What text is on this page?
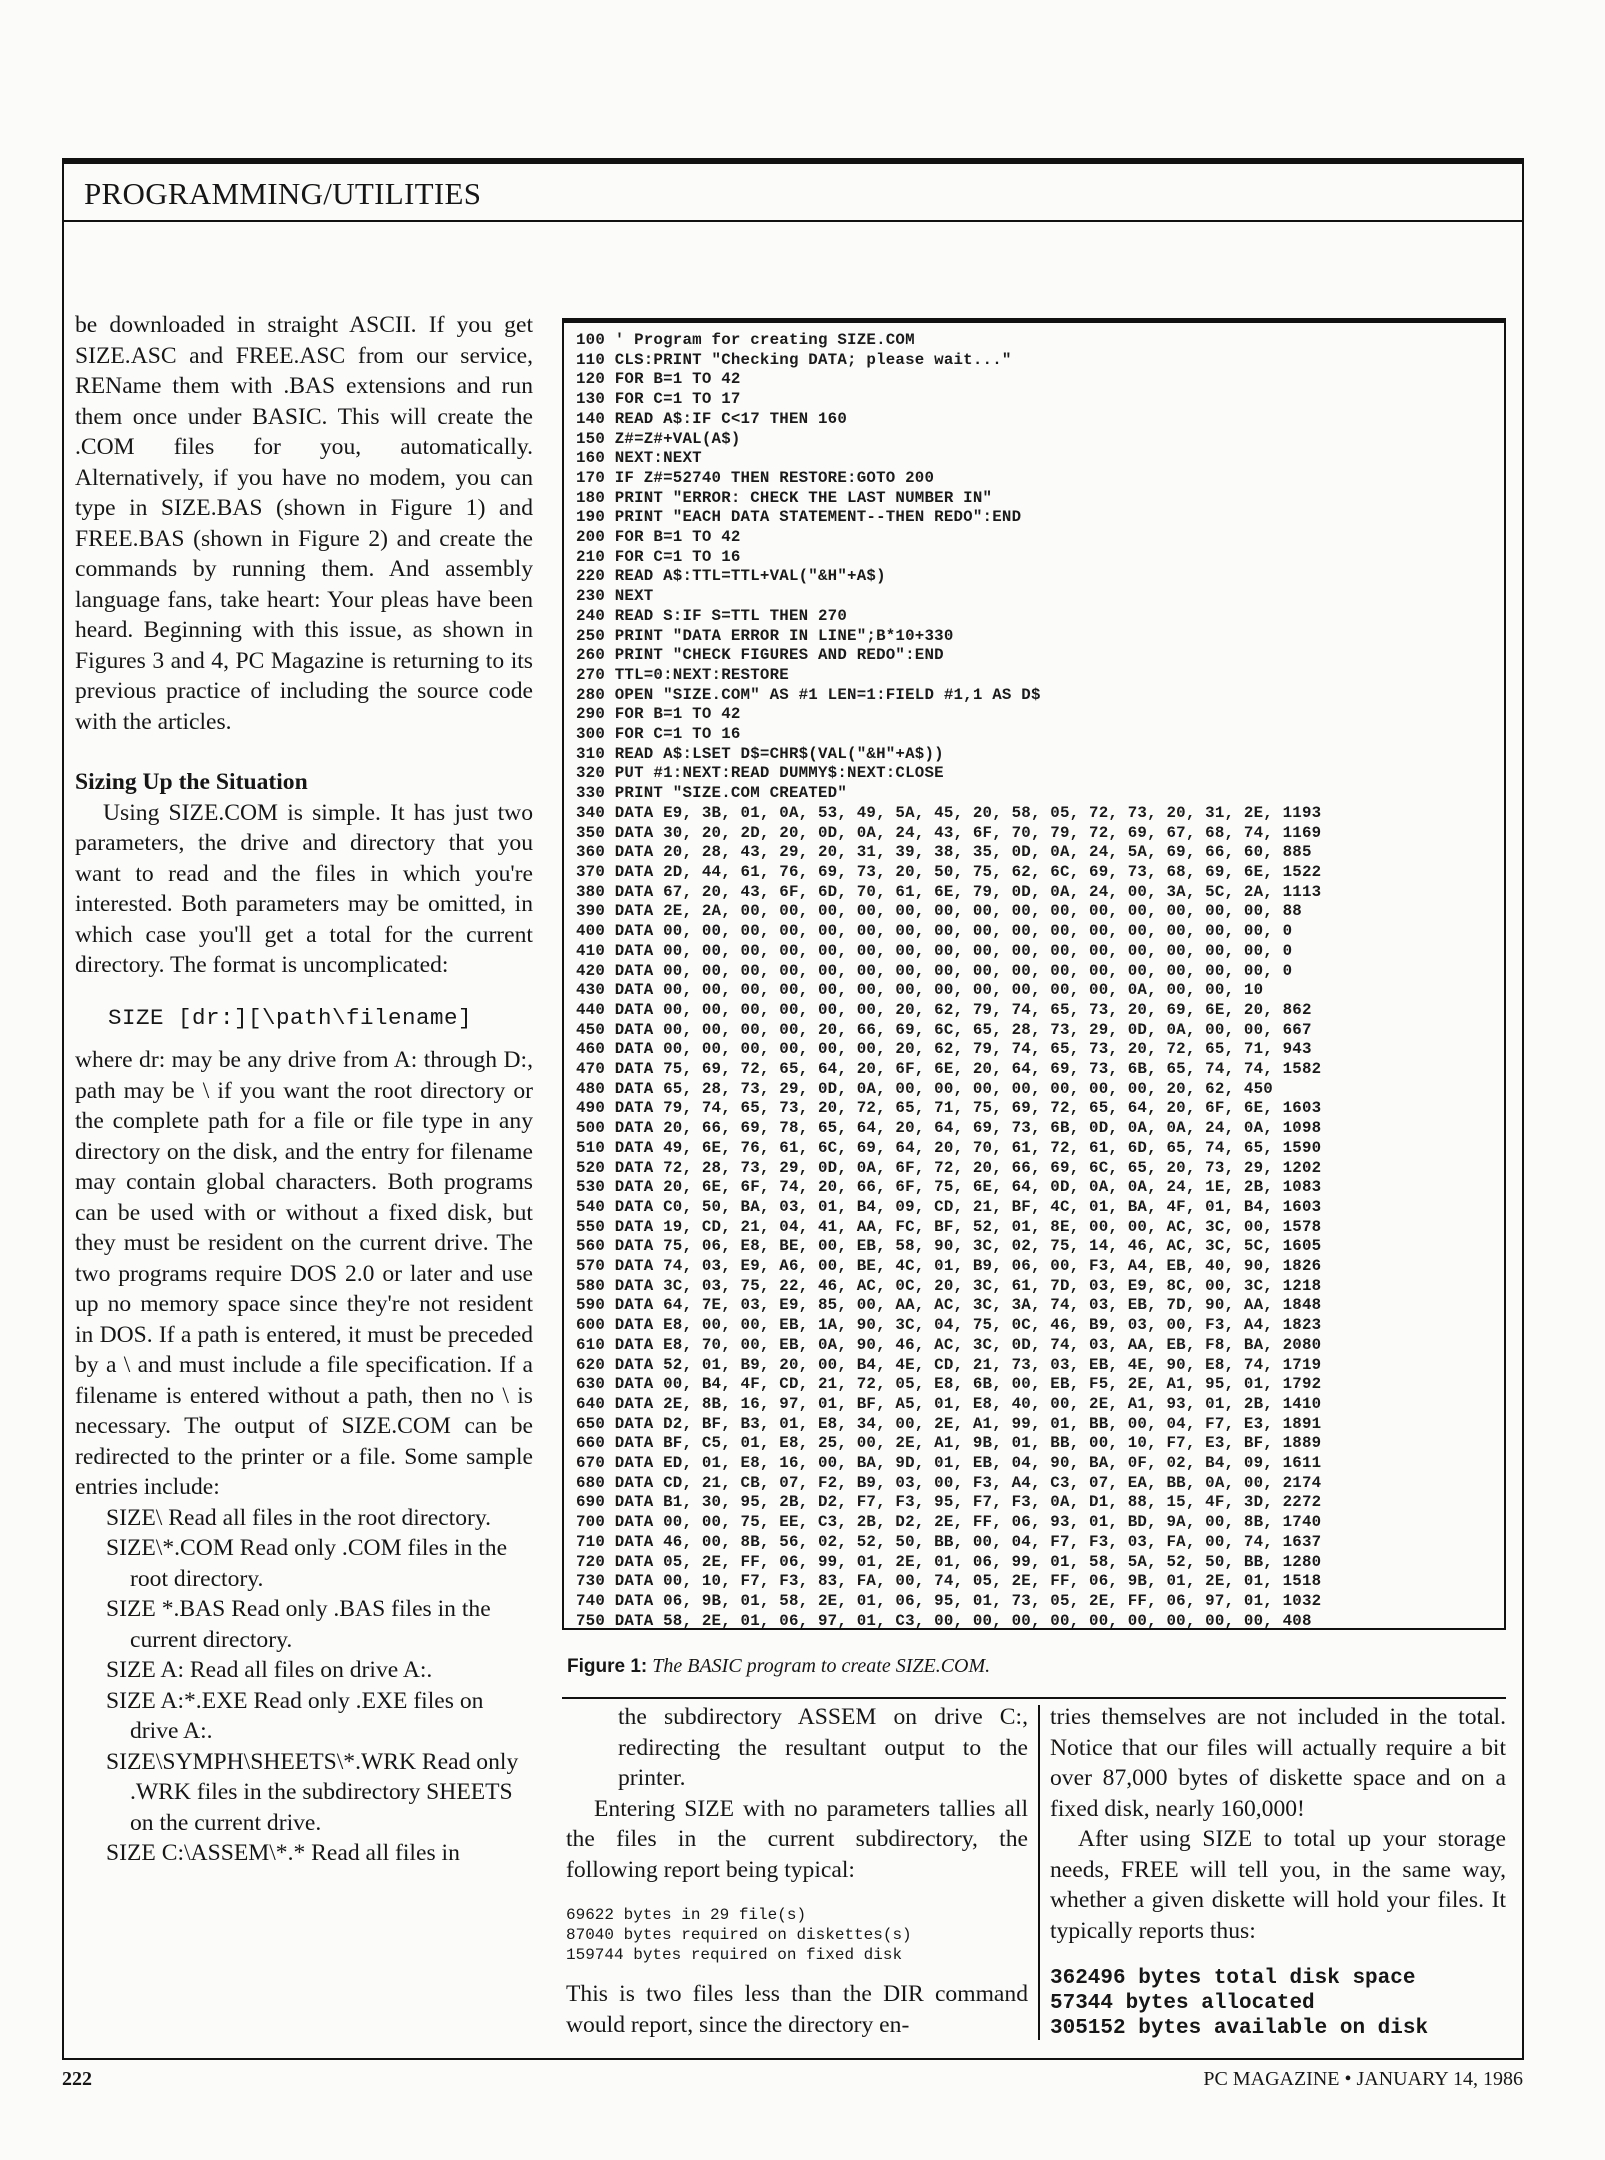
PROGRAMMING/UTILITIES

be downloaded in straight ASCII. If you get SIZE.ASC and FREE.ASC from our service, REName them with .BAS extensions and run them once under BASIC. This will create the .COM files for you, automatically. Alternatively, if you have no modem, you can type in SIZE.BAS (shown in Figure 1) and FREE.BAS (shown in Figure 2) and create the commands by running them. And assembly language fans, take heart: Your pleas have been heard. Beginning with this issue, as shown in Figures 3 and 4, PC Magazine is returning to its previous practice of including the source code with the articles.

Sizing Up the Situation

Using SIZE.COM is simple. It has just two parameters, the drive and directory that you want to read and the files in which you're interested. Both parameters may be omitted, in which case you'll get a total for the current directory. The format is uncomplicated:

SIZE [dr:][\path\filename]

where dr: may be any drive from A: through D:, path may be \ if you want the root directory or the complete path for a file or file type in any directory on the disk, and the entry for filename may contain global characters. Both programs can be used with or without a fixed disk, but they must be resident on the current drive. The two programs require DOS 2.0 or later and use up no memory space since they're not resident in DOS. If a path is entered, it must be preceded by a \ and must include a file specification. If a filename is entered without a path, then no \ is necessary. The output of SIZE.COM can be redirected to the printer or a file. Some sample entries include:

SIZE\ Read all files in the root directory.
SIZE\*.COM Read only .COM files in the root directory.
SIZE *.BAS Read only .BAS files in the current directory.
SIZE A: Read all files on drive A:.
SIZE A:*.EXE Read only .EXE files on drive A:.
SIZE\SYMPH\SHEETS\*.WRK Read only .WRK files in the subdirectory SHEETS on the current drive.
SIZE C:\ASSEM\*.* Read all files in
100 ' Program for creating SIZE.COM
110 CLS:PRINT "Checking DATA; please wait..."
120 FOR B=1 TO 42
130 FOR C=1 TO 17
140 READ A$:IF C<17 THEN 160
150 Z#=Z#+VAL(A$)
160 NEXT:NEXT
170 IF Z#=52740 THEN RESTORE:GOTO 200
180 PRINT "ERROR: CHECK THE LAST NUMBER IN"
190 PRINT "EACH DATA STATEMENT--THEN REDO":END
200 FOR B=1 TO 42
210 FOR C=1 TO 16
220 READ A$:TTL=TTL+VAL("&H"+A$)
230 NEXT
240 READ S:IF S=TTL THEN 270
250 PRINT "DATA ERROR IN LINE";B*10+330
260 PRINT "CHECK FIGURES AND REDO":END
270 TTL=0:NEXT:RESTORE
280 OPEN "SIZE.COM" AS #1 LEN=1:FIELD #1,1 AS D$
290 FOR B=1 TO 42
300 FOR C=1 TO 16
310 READ A$:LSET D$=CHR$(VAL("&H"+A$))
320 PUT #1:NEXT:READ DUMMY$:NEXT:CLOSE
330 PRINT "SIZE.COM CREATED"
340 DATA E9, 3B, 01, 0A, 53, 49, 5A, 45, 20, 58, 05, 72, 73, 20, 31, 2E, 1193
350 DATA 30, 20, 2D, 20, 0D, 0A, 24, 43, 6F, 70, 79, 72, 69, 67, 68, 74, 1169
360 DATA 20, 28, 43, 29, 20, 31, 39, 38, 35, 0D, 0A, 24, 5A, 69, 66, 60, 885
370 DATA 2D, 44, 61, 76, 69, 73, 20, 50, 75, 62, 6C, 69, 73, 68, 69, 6E, 1522
380 DATA 67, 20, 43, 6F, 6D, 70, 61, 6E, 79, 0D, 0A, 24, 00, 3A, 5C, 2A, 1113
390 DATA 2E, 2A, 00, 00, 00, 00, 00, 00, 00, 00, 00, 00, 00, 00, 00, 00, 88
400 DATA 00, 00, 00, 00, 00, 00, 00, 00, 00, 00, 00, 00, 00, 00, 00, 00, 0
410 DATA 00, 00, 00, 00, 00, 00, 00, 00, 00, 00, 00, 00, 00, 00, 00, 00, 0
420 DATA 00, 00, 00, 00, 00, 00, 00, 00, 00, 00, 00, 00, 00, 00, 00, 00, 0
430 DATA 00, 00, 00, 00, 00, 00, 00, 00, 00, 00, 00, 00, 0A, 00, 00, 10
440 DATA 00, 00, 00, 00, 00, 00, 20, 62, 79, 74, 65, 73, 20, 69, 6E, 20, 862
450 DATA 00, 00, 00, 00, 20, 66, 69, 6C, 65, 28, 73, 29, 0D, 0A, 00, 00, 667
460 DATA 00, 00, 00, 00, 00, 00, 20, 62, 79, 74, 65, 73, 20, 72, 65, 71, 943
470 DATA 75, 69, 72, 65, 64, 20, 6F, 6E, 20, 64, 69, 73, 6B, 65, 74, 74, 1582
480 DATA 65, 28, 73, 29, 0D, 0A, 00, 00, 00, 00, 00, 00, 00, 20, 62, 450
490 DATA 79, 74, 65, 73, 20, 72, 65, 71, 75, 69, 72, 65, 64, 20, 6F, 6E, 1603
500 DATA 20, 66, 69, 78, 65, 64, 20, 64, 69, 73, 6B, 0D, 0A, 0A, 24, 0A, 1098
510 DATA 49, 6E, 76, 61, 6C, 69, 64, 20, 70, 61, 72, 61, 6D, 65, 74, 65, 1590
520 DATA 72, 28, 73, 29, 0D, 0A, 6F, 72, 20, 66, 69, 6C, 65, 20, 73, 29, 1202
530 DATA 20, 6E, 6F, 74, 20, 66, 6F, 75, 6E, 64, 0D, 0A, 0A, 24, 1E, 2B, 1083
540 DATA C0, 50, BA, 03, 01, B4, 09, CD, 21, BF, 4C, 01, BA, 4F, 01, B4, 1603
550 DATA 19, CD, 21, 04, 41, AA, FC, BF, 52, 01, 8E, 00, 00, AC, 3C, 00, 1578
560 DATA 75, 06, E8, BE, 00, EB, 58, 90, 3C, 02, 75, 14, 46, AC, 3C, 5C, 1605
570 DATA 74, 03, E9, A6, 00, BE, 4C, 01, B9, 06, 00, F3, A4, EB, 40, 90, 1826
580 DATA 3C, 03, 75, 22, 46, AC, 0C, 20, 3C, 61, 7D, 03, E9, 8C, 00, 3C, 1218
590 DATA 64, 7E, 03, E9, 85, 00, AA, AC, 3C, 3A, 74, 03, EB, 7D, 90, AA, 1848
600 DATA E8, 00, 00, EB, 1A, 90, 3C, 04, 75, 0C, 46, B9, 03, 00, F3, A4, 1823
610 DATA E8, 70, 00, EB, 0A, 90, 46, AC, 3C, 0D, 74, 03, AA, EB, F8, BA, 2080
620 DATA 52, 01, B9, 20, 00, B4, 4E, CD, 21, 73, 03, EB, 4E, 90, E8, 74, 1719
630 DATA 00, B4, 4F, CD, 21, 72, 05, E8, 6B, 00, EB, F5, 2E, A1, 95, 01, 1792
640 DATA 2E, 8B, 16, 97, 01, BF, A5, 01, E8, 40, 00, 2E, A1, 93, 01, 2B, 1410
650 DATA D2, BF, B3, 01, E8, 34, 00, 2E, A1, 99, 01, BB, 00, 04, F7, E3, 1891
660 DATA BF, C5, 01, E8, 25, 00, 2E, A1, 9B, 01, BB, 00, 10, F7, E3, BF, 1889
670 DATA ED, 01, E8, 16, 00, BA, 9D, 01, EB, 04, 90, BA, 0F, 02, B4, 09, 1611
680 DATA CD, 21, CB, 07, F2, B9, 03, 00, F3, A4, C3, 07, EA, BB, 0A, 00, 2174
690 DATA B1, 30, 95, 2B, D2, F7, F3, 95, F7, F3, 0A, D1, 88, 15, 4F, 3D, 2272
700 DATA 00, 00, 75, EE, C3, 2B, D2, 2E, FF, 06, 93, 01, BD, 9A, 00, 8B, 1740
710 DATA 46, 00, 8B, 56, 02, 52, 50, BB, 00, 04, F7, F3, 03, FA, 00, 74, 1637
720 DATA 05, 2E, FF, 06, 99, 01, 2E, 01, 06, 99, 01, 58, 5A, 52, 50, BB, 1280
730 DATA 00, 10, F7, F3, 83, FA, 00, 74, 05, 2E, FF, 06, 9B, 01, 2E, 01, 1518
740 DATA 06, 9B, 01, 58, 2E, 01, 06, 95, 01, 73, 05, 2E, FF, 06, 97, 01, 1032
750 DATA 58, 2E, 01, 06, 97, 01, C3, 00, 00, 00, 00, 00, 00, 00, 00, 00, 408
Figure 1: The BASIC program to create SIZE.COM.

the subdirectory ASSEM on drive C:, redirecting the resultant output to the printer.

Entering SIZE with no parameters tallies all the files in the current subdirectory, the following report being typical:

69622 bytes in 29 file(s)
87040 bytes required on diskettes(s)
159744 bytes required on fixed disk

This is two files less than the DIR command would report, since the directory en-

tries themselves are not included in the total. Notice that our files will actually require a bit over 87,000 bytes of diskette space and on a fixed disk, nearly 160,000!

After using SIZE to total up your storage needs, FREE will tell you, in the same way, whether a given diskette will hold your files. It typically reports thus:

362496 bytes total disk space
57344 bytes allocated
305152 bytes available on disk
222	PC MAGAZINE • JANUARY 14, 1986
